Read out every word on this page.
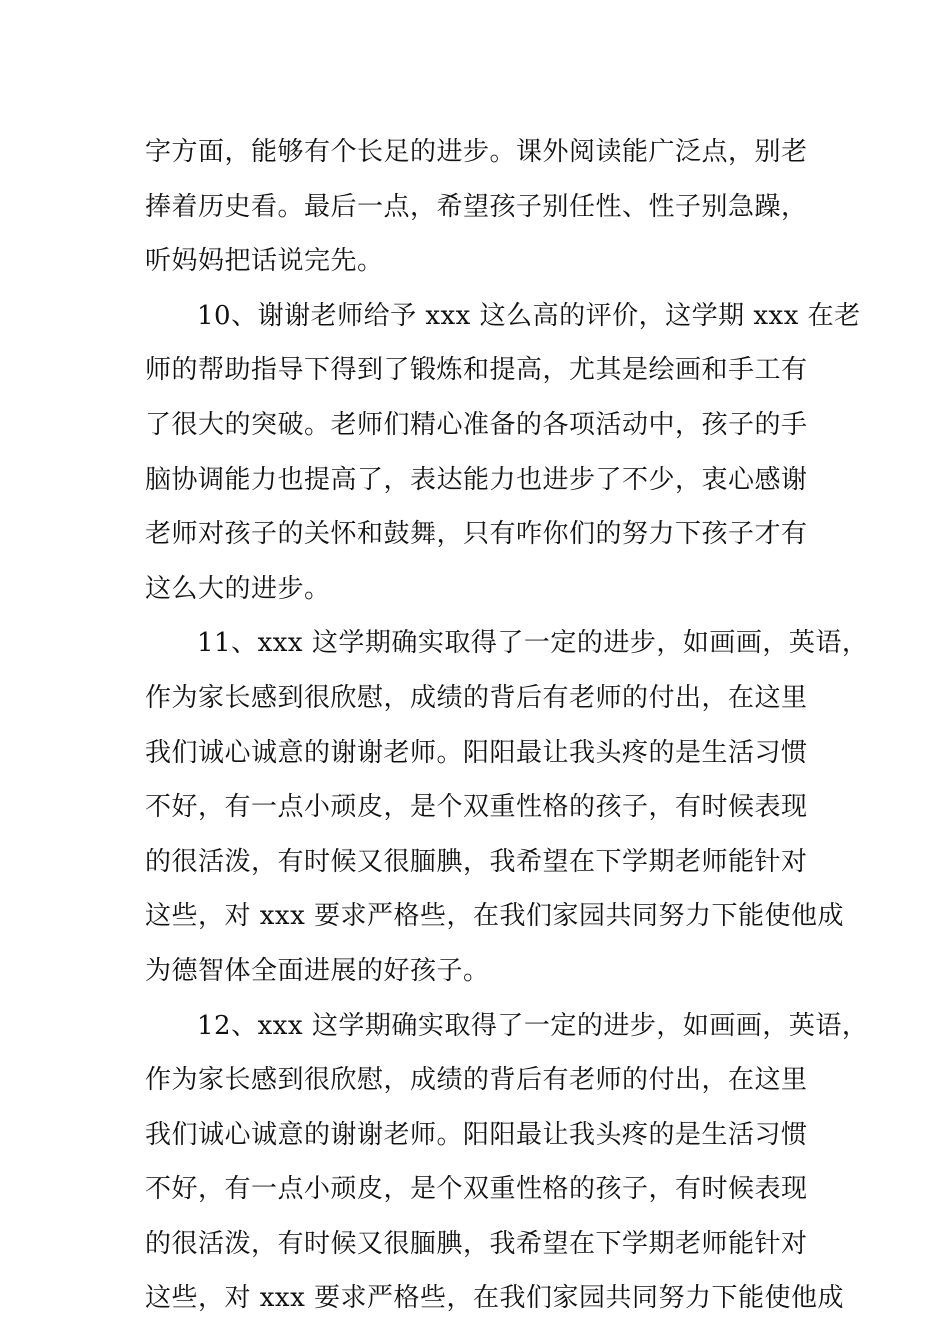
字方面，能够有个长足的进步。课外阅读能广泛点，别老
捧着历史看。最后一点，希望孩子别任性、性子别急躁，
听妈妈把话说完先。
10、谢谢老师给予 xxx 这么高的评价，这学期 xxx 在老
师的帮助指导下得到了锻炼和提高，尤其是绘画和手工有
了很大的突破。老师们精心准备的各项活动中，孩子的手
脑协调能力也提高了，表达能力也进步了不少，衷心感谢
老师对孩子的关怀和鼓舞，只有咋你们的努力下孩子才有
这么大的进步。
11、xxx 这学期确实取得了一定的进步，如画画，英语，
作为家长感到很欣慰，成绩的背后有老师的付出，在这里
我们诚心诚意的谢谢老师。阳阳最让我头疼的是生活习惯
不好，有一点小顽皮，是个双重性格的孩子，有时候表现
的很活泼，有时候又很腼腆，我希望在下学期老师能针对
这些，对 xxx 要求严格些，在我们家园共同努力下能使他成
为德智体全面进展的好孩子。
12、xxx 这学期确实取得了一定的进步，如画画，英语，
作为家长感到很欣慰，成绩的背后有老师的付出，在这里
我们诚心诚意的谢谢老师。阳阳最让我头疼的是生活习惯
不好，有一点小顽皮，是个双重性格的孩子，有时候表现
的很活泼，有时候又很腼腆，我希望在下学期老师能针对
这些，对 xxx 要求严格些，在我们家园共同努力下能使他成
